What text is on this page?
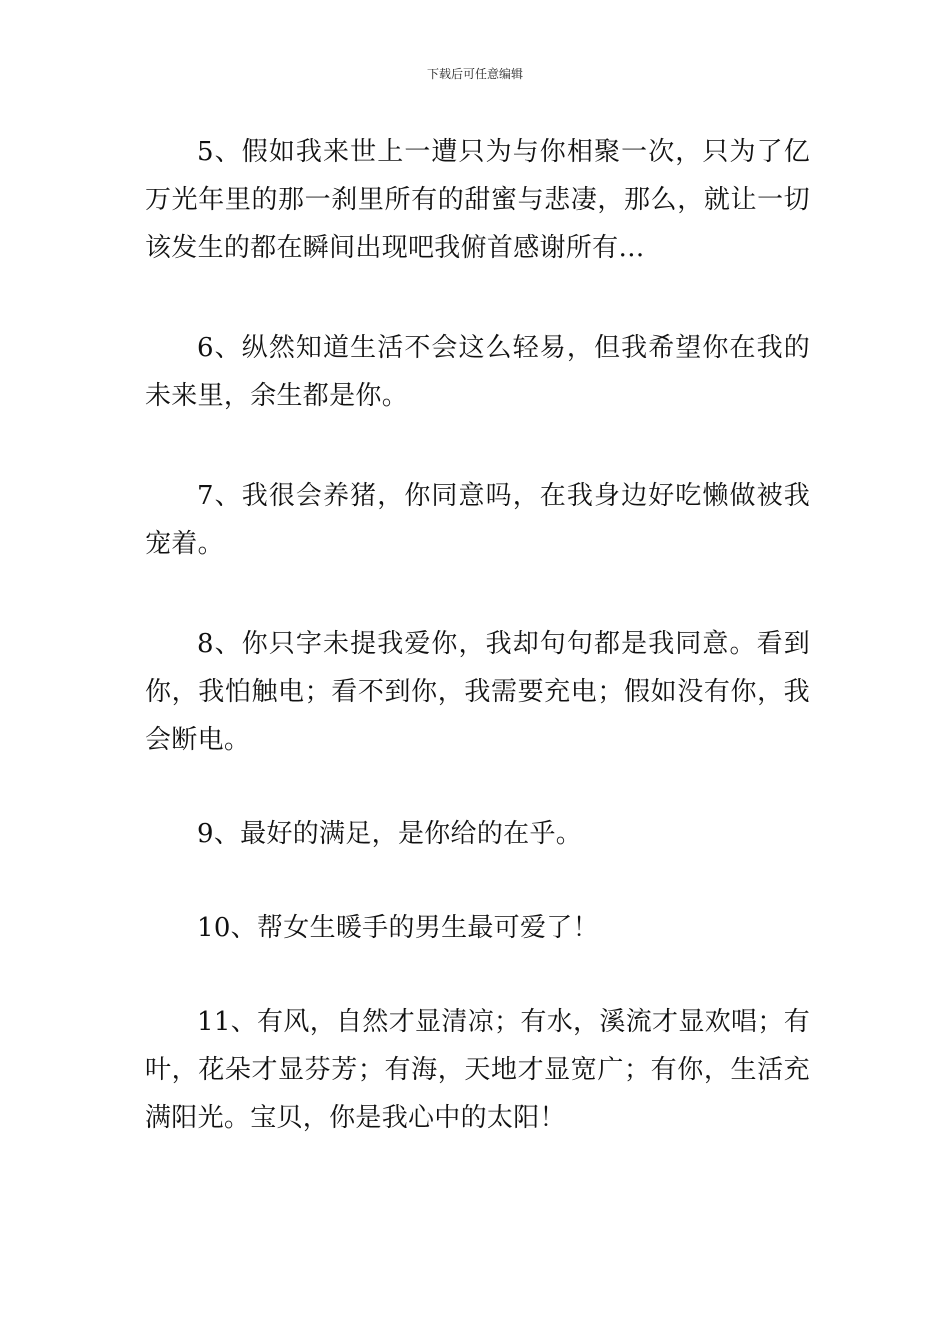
下载后可任意编辑

5、假如我来世上一遭只为与你相聚一次，只为了亿万光年里的那一刹里所有的甜蜜与悲凄，那么，就让一切该发生的都在瞬间出现吧我俯首感谢所有…

6、纵然知道生活不会这么轻易，但我希望你在我的未来里，余生都是你。

7、我很会养猪，你同意吗，在我身边好吃懒做被我宠着。

8、你只字未提我爱你，我却句句都是我同意。看到你，我怕触电；看不到你，我需要充电；假如没有你，我会断电。

9、最好的满足，是你给的在乎。

10、帮女生暖手的男生最可爱了！

11、有风，自然才显清凉；有水，溪流才显欢唱；有叶，花朵才显芬芳；有海，天地才显宽广；有你，生活充满阳光。宝贝，你是我心中的太阳！
